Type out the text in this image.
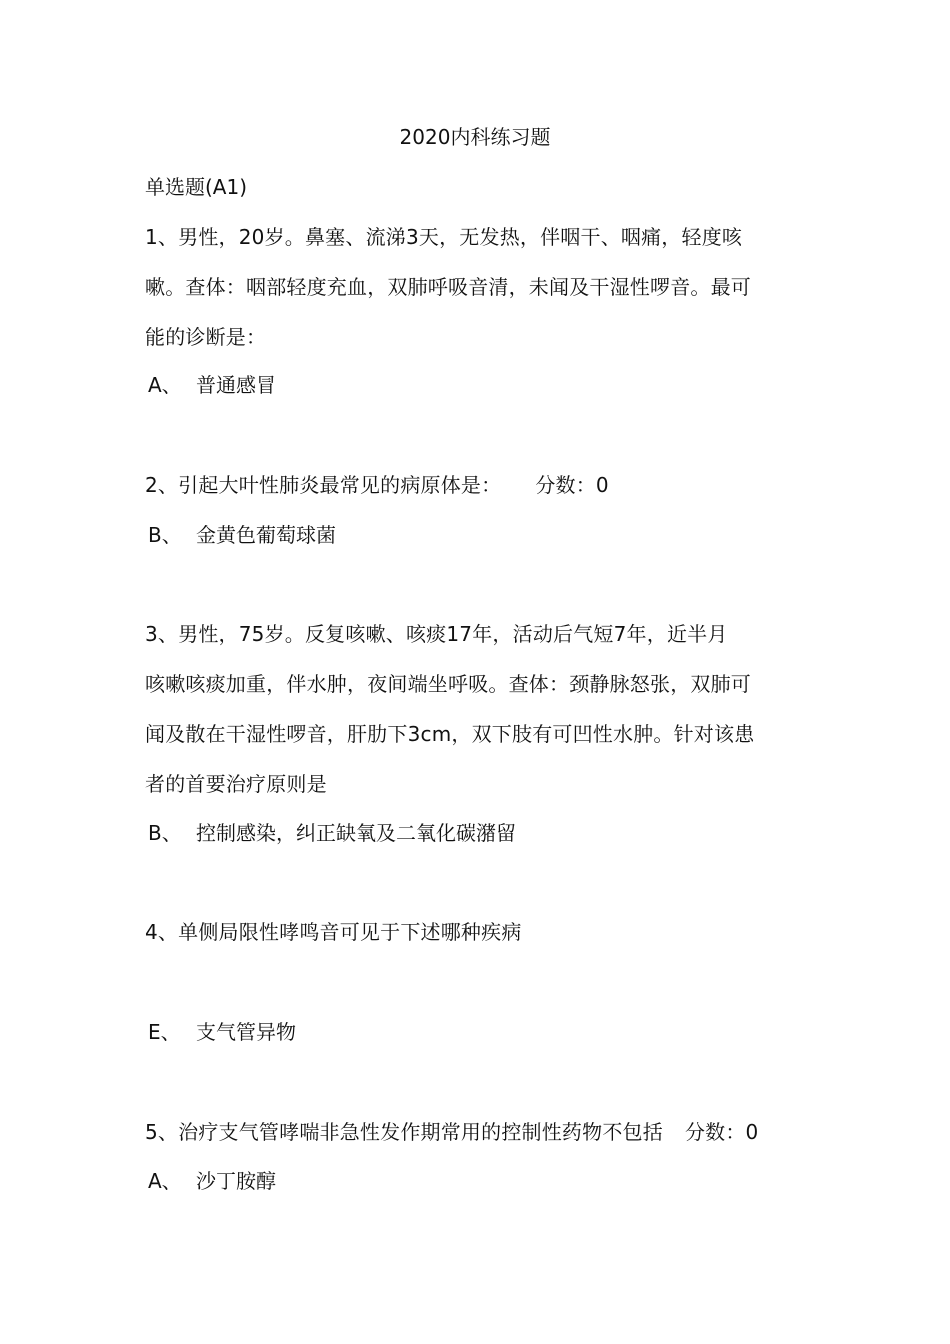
2020内科练习题
单选题(A1)
1、男性，20岁。鼻塞、流涕3天，无发热，伴咽干、咽痛，轻度咳
嗽。查体：咽部轻度充血，双肺呼吸音清，未闻及干湿性啰音。最可
能的诊断是：
A、 普通感冒
2、引起大叶性肺炎最常见的病原体是： 分数：0
B、 金黄色葡萄球菌
3、男性，75岁。反复咳嗽、咳痰17年，活动后气短7年，近半月
咳嗽咳痰加重，伴水肿，夜间端坐呼吸。查体：颈静脉怒张，双肺可
闻及散在干湿性啰音，肝肋下3cm，双下肢有可凹性水肿。针对该患
者的首要治疗原则是
B、 控制感染，纠正缺氧及二氧化碳潴留
4、单侧局限性哮鸣音可见于下述哪种疾病
E、 支气管异物
5、治疗支气管哮喘非急性发作期常用的控制性药物不包括 分数：0
A、 沙丁胺醇
